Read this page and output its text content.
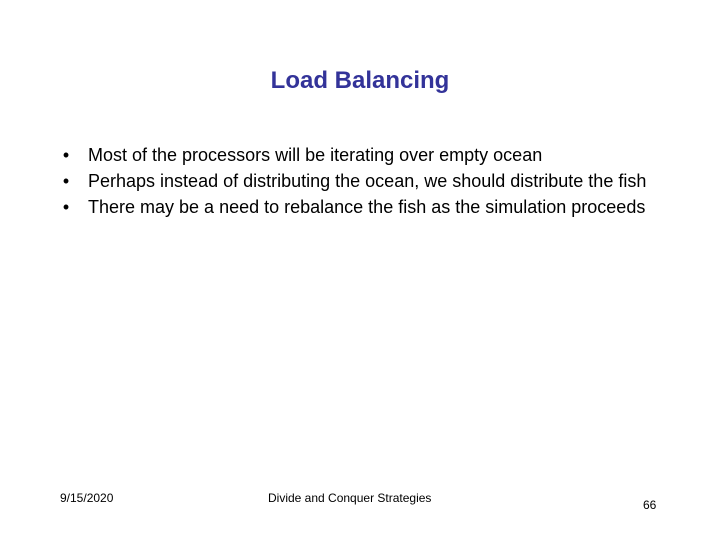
Load Balancing
•	Most of the processors will be iterating over empty ocean
•	Perhaps instead of distributing the ocean, we should distribute the fish
•	There may be a need to rebalance the fish as the simulation proceeds
9/15/2020	Divide and Conquer Strategies	66
